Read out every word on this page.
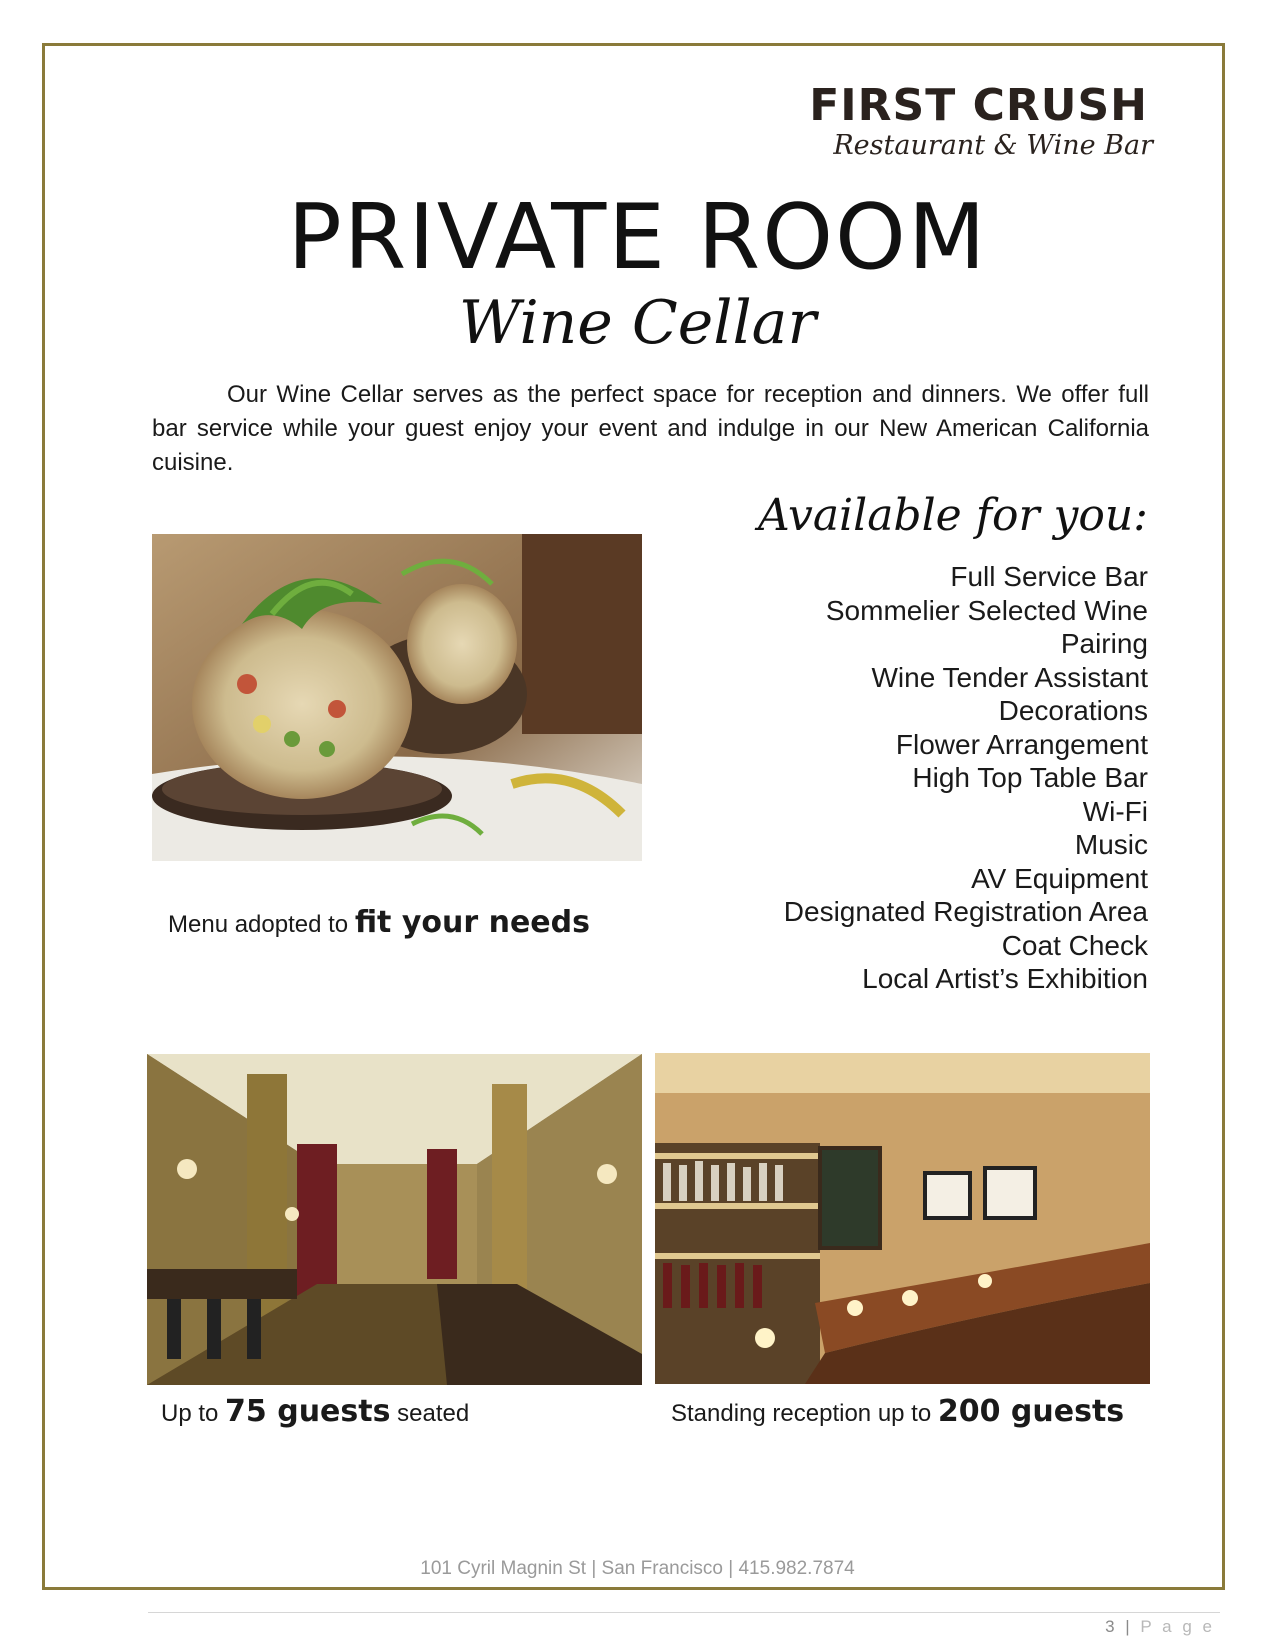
FIRST CRUSH
Restaurant & Wine Bar
PRIVATE ROOM
Wine Cellar

Our Wine Cellar serves as the perfect space for reception and dinners. We offer full bar service while your guest enjoy your event and indulge in our New American California cuisine.

Menu adopted to fit your needs
Available for you:
Full Service Bar
Sommelier Selected Wine
Pairing
Wine Tender Assistant
Decorations
Flower Arrangement
High Top Table Bar
Wi-Fi
Music
AV Equipment
Designated Registration Area
Coat Check
Local Artist’s Exhibition
Up to 75 guests seated	Standing reception up to 200 guests
101 Cyril Magnin St | San Francisco | 415.982.7874
3 | P a g e
